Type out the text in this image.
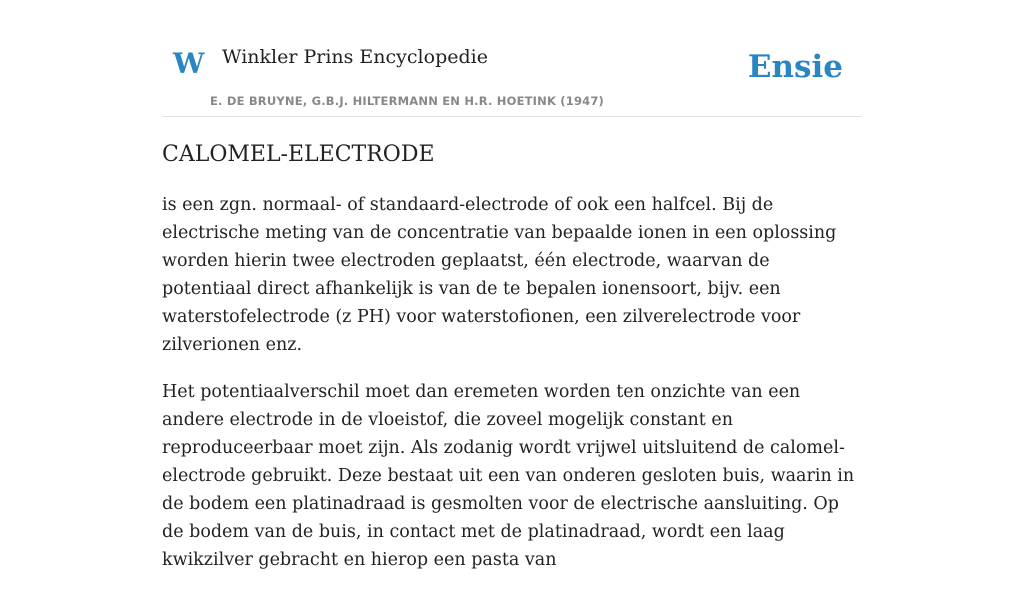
W Winkler Prins Encyclopedie
E. DE BRUYNE, G.B.J. HILTERMANN EN H.R. HOETINK (1947)
Ensie
CALOMEL-ELECTRODE

is een zgn. normaal- of standaard-electrode of ook een halfcel. Bij de electrische meting van de concentratie van bepaalde ionen in een oplossing worden hierin twee electroden geplaatst, één electrode, waarvan de potentiaal direct afhankelijk is van de te bepalen ionensoort, bijv. een waterstofelectrode (z PH) voor waterstofionen, een zilverelectrode voor zilverionen enz.

Het potentiaalverschil moet dan eremeten worden ten onzichte van een andere electrode in de vloeistof, die zoveel mogelijk constant en reproduceerbaar moet zijn. Als zodanig wordt vrijwel uitsluitend de calomel-electrode gebruikt. Deze bestaat uit een van onderen gesloten buis, waarin in de bodem een platinadraad is gesmolten voor de electrische aansluiting. Op de bodem van de buis, in contact met de platinadraad, wordt een laag kwikzilver gebracht en hierop een pasta van
